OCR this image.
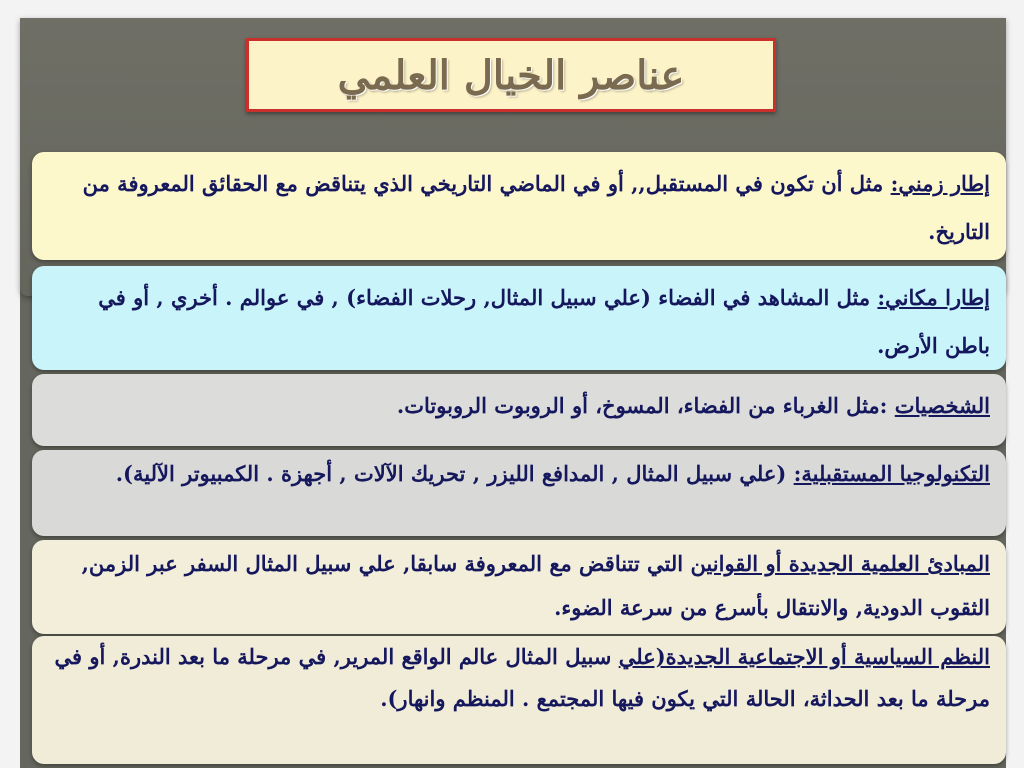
عناصر الخيال العلمي
إطار زمني: مثل أن تكون في المستقبل,, أو في الماضي التاريخي الذي يتناقض مع الحقائق المعروفة من التاريخ.
إطارا مكاني: مثل المشاهد في الفضاء (علي سبيل المثال, رحلات الفضاء) , في عوالم . أخري , أو في باطن الأرض.
الشخصيات :مثل الغرباء من الفضاء، المسوخ، أو الروبوت الروبوتات.
التكنولوجيا المستقبلية: (علي سبيل المثال , المدافع الليزر , تحريك الآلات , أجهزة . الكمبيوتر الآلية).
المبادئ العلمية الجديدة أو القوانين التي تتناقض مع المعروفة سابقا, علي سبيل المثال السفر عبر الزمن, الثقوب الدودية, والانتقال بأسرع من سرعة الضوء.
النظم السياسية أو الاجتماعية الجديدة(علي سبيل المثال عالم الواقع المرير, في مرحلة ما بعد الندرة, أو في مرحلة ما بعد الحداثة، الحالة التي يكون فيها المجتمع . المنظم وانهار).
